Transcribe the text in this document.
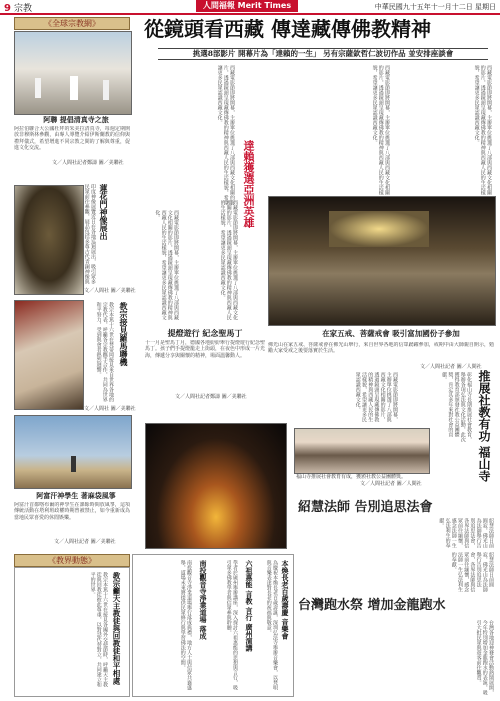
9 宗教	人間福報 Merit Times	中華民國九十五年十一月十二日 星期日
《全球宗教網》
阿聯 提倡清真寺之旅
阿拉伯聯合大公國杜拜的朱美拉清真寺，每週定期開放非穆斯林參觀，由專人導覽介紹伊斯蘭教的信仰與禮拜儀式，希望增進不同宗教之間的了解與尊重，促進文化交流。
文／人間社記者鄭濤 圖／美聯社
蓮花門神像展出
印度神像展覽近日在各地巡迴展出，吸引眾多民眾前往參觀，展品包括多尊古代青銅神像與
文／人間社 圖／美聯社
教宗接見羅馬聯機
教宗本篤十六世在梵蒂岡接見來自世界各地的宗教代表，呼籲各宗教攜手合作，共同為世界和平努力，受到與會者熱烈迴響。
文／人間社 圖／美聯社
阿富汗神學生 著麻袋風箏
阿富汗首都喀布爾的神學生在課餘時間放風箏，這項傳統活動在塔利班政權時期曾被禁止，如今重新成為當地民眾喜愛的休閒娛樂。
文／人間社記者 圖／美聯社
從鏡頭看西藏 傳達藏傳佛教精神
挑選8部影片 開幕片為「達賴的一生」 另有宗薩欽哲仁波切作品 並安排座談會
西藏電影節即將開幕，主辦單位挑選了八部與西藏文化相關的影片，透過鏡頭呈現藏傳佛教的精神與西藏人民的生活樣貌，希望讓更多民眾認識西藏文化。	西藏電影節即將開幕，主辦單位挑選了八部與西藏文化相關的影片，透過鏡頭呈現藏傳佛教的精神與西藏人民的生活樣貌，希望讓更多民眾認識西藏文化。	西藏電影節即將開幕，主辦單位挑選了八部與西藏文化相關的影片，透過鏡頭呈現藏傳佛教的精神與西藏人民的生活樣貌，希望讓更多民眾認識西藏文化。
達賴獲選亞洲英雄
西藏電影節即將開幕，主辦單位挑選了八部與西藏文化相關的影片，透過鏡頭呈現藏傳佛教的精神與西藏人民的生活樣貌，希望讓更多民眾認識西藏文化。
西藏電影節即將開幕，主辦單位挑選了八部與西藏文化相關的影片，透過鏡頭呈現藏傳佛教的精神與西藏人民的生活樣貌，希望讓更多民眾認識西藏文化。
在家五戒、菩薩戒會 吸引富加國份子參加
佛光山在家五戒、菩薩戒會在佛光山舉行，來自世界各地的信眾踴躍參加，戒期中由大師親自開示，勉勵大家受戒之後要落實於生活。
文／人間社記者 圖／人間社
提燈遊行 紀念聖馬丁
十一月是聖馬丁月，德國各地紛紛舉行提燈遊行紀念聖馬丁。孩子們手提燈籠走上街頭，在夜色中形成一片光海，傳遞分享與關懷的精神，場面溫馨動人。
文／人間社記者鄭濤 圖／美聯社	推展社教有功 福山寺
彰化福山寺長期推展社會教育，舉辦各項弘法與文化活動，此次獲得教育部頒發社教公益團體獎，肯定其多年來對社會的貢獻。
西藏電影節即將開幕，主辦單位挑選了八部與西藏文化相關的影片，透過鏡頭呈現藏傳佛教的精神與西藏人民的生活樣貌，希望讓更多民眾認識西藏文化。
福山寺推展社會教育有成，獲頒社教公益團體獎。
文／人間社記者 圖／人間社
紹慧法師 告別追思法會
紹慧法師日前圓寂，佛光山為法師舉行告別追思法會，各界法師與信眾前往緬懷，感念法師一生弘法利生的奉獻。
《教界動態》
教宗籲天主教徒與回教徒和平相處
教宗本篤十六世在接見各國外交使節時，呼籲天主教徒與回教徒彼此尊重，以對話代替對立，共同建立和平的世界。	本煥長老百歲壽慶 音樂會
為慶祝本煥長老百歲壽誕，深圳弘法寺舉辦音樂會，以梵唄與音樂表達對長老的祝福與敬意。
六祖惠能 言教 言行 廣州演講
學者於廣州舉辦講座，深入探討六祖惠能的思想與言行，吸引眾多佛教學者與信眾參與聆聽。
南投觀音寺淨業道場 落成
南投觀音寺淨業道場舉行落成典禮，地方人士與信眾共襄盛舉，道場未來將提供民眾修行與學習佛法的空間。	台灣跑水祭 增加金龍跑水
台灣各地迎神賽會活動熱鬧展開，今年特別增加金龍跑水的表演，吸引大批民眾與遊客前往觀賞。
紹慧法師日前圓寂，佛光山為法師舉行告別追思法會，各界法師與信眾前往緬懷，感念法師一生弘法利生的奉獻。
